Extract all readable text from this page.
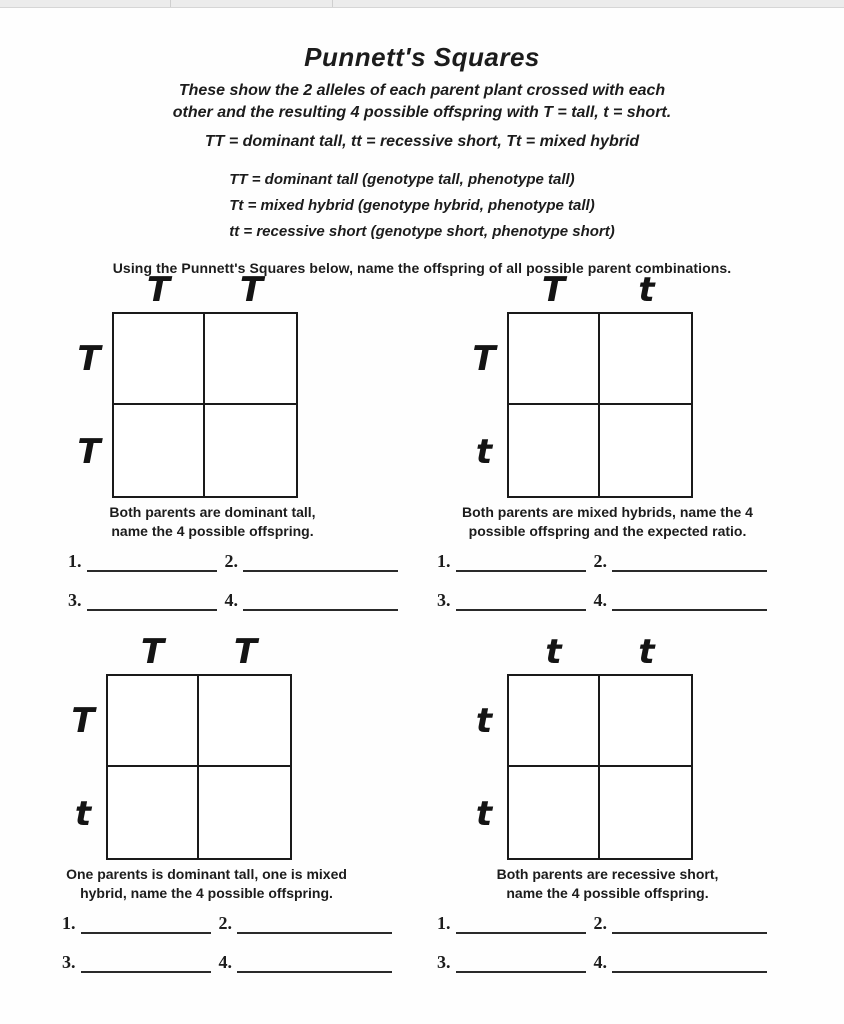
Punnett's Squares
These show the 2 alleles of each parent plant crossed with each
other and the resulting 4 possible offspring with T = tall, t = short.
TT = dominant tall, tt = recessive short, Tt = mixed hybrid
TT = dominant tall (genotype tall, phenotype tall)
Tt = mixed hybrid (genotype hybrid, phenotype tall)
tt = recessive short (genotype short, phenotype short)
Using the Punnett's Squares below, name the offspring of all possible parent combinations.
T T
T
T
Both parents are dominant tall,
name the 4 possible offspring.
1.	2.
3.	4.
T t
T
t
Both parents are mixed hybrids, name the 4
possible offspring and the expected ratio.
1.	2.
3.	4.
T T
T
t
One parents is dominant tall, one is mixed
hybrid, name the 4 possible offspring.
1.	2.
3.	4.
t t
t
t
Both parents are recessive short,
name the 4 possible offspring.
1.	2.
3.	4.
